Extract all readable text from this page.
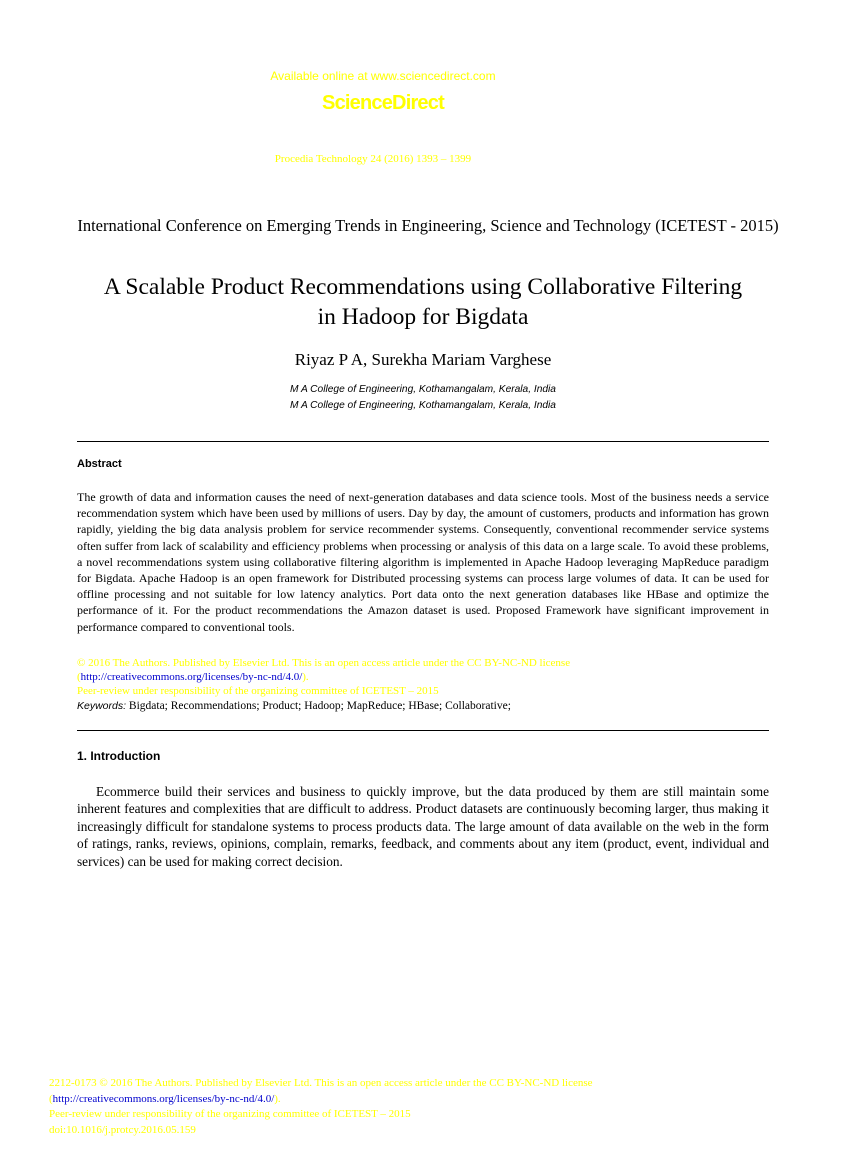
Available online at www.sciencedirect.com
ScienceDirect
Procedia Technology 24 (2016) 1393 – 1399
International Conference on Emerging Trends in Engineering, Science and Technology (ICETEST - 2015)
A Scalable Product Recommendations using Collaborative Filtering
in Hadoop for Bigdata
Riyaz P A, Surekha Mariam Varghese
M A College of Engineering, Kothamangalam, Kerala, India
M A College of Engineering, Kothamangalam, Kerala, India
Abstract

The growth of data and information causes the need of next-generation databases and data science tools. Most of the business needs a service recommendation system which have been used by millions of users. Day by day, the amount of customers, products and information has grown rapidly, yielding the big data analysis problem for service recommender systems. Consequently, conventional recommender service systems often suffer from lack of scalability and efficiency problems when processing or analysis of this data on a large scale. To avoid these problems, a novel recommendations system using collaborative filtering algorithm is implemented in Apache Hadoop leveraging MapReduce paradigm for Bigdata. Apache Hadoop is an open framework for Distributed processing systems can process large volumes of data. It can be used for offline processing and not suitable for low latency analytics. Port data onto the next generation databases like HBase and optimize the performance of it. For the product recommendations the Amazon dataset is used. Proposed Framework have significant improvement in performance compared to conventional tools.

© 2016 The Authors. Published by Elsevier Ltd. This is an open access article under the CC BY-NC-ND license
(http://creativecommons.org/licenses/by-nc-nd/4.0/).
Peer-review under responsibility of the organizing committee of ICETEST – 2015
Keywords: Bigdata; Recommendations; Product; Hadoop; MapReduce; HBase; Collaborative;
1. Introduction

Ecommerce build their services and business to quickly improve, but the data produced by them are still maintain some inherent features and complexities that are difficult to address. Product datasets are continuously becoming larger, thus making it increasingly difficult for standalone systems to process products data. The large amount of data available on the web in the form of ratings, ranks, reviews, opinions, complain, remarks, feedback, and comments about any item (product, event, individual and services) can be used for making correct decision.

2212-0173 © 2016 The Authors. Published by Elsevier Ltd. This is an open access article under the CC BY-NC-ND license
(http://creativecommons.org/licenses/by-nc-nd/4.0/).
Peer-review under responsibility of the organizing committee of ICETEST – 2015
doi:10.1016/j.protcy.2016.05.159
